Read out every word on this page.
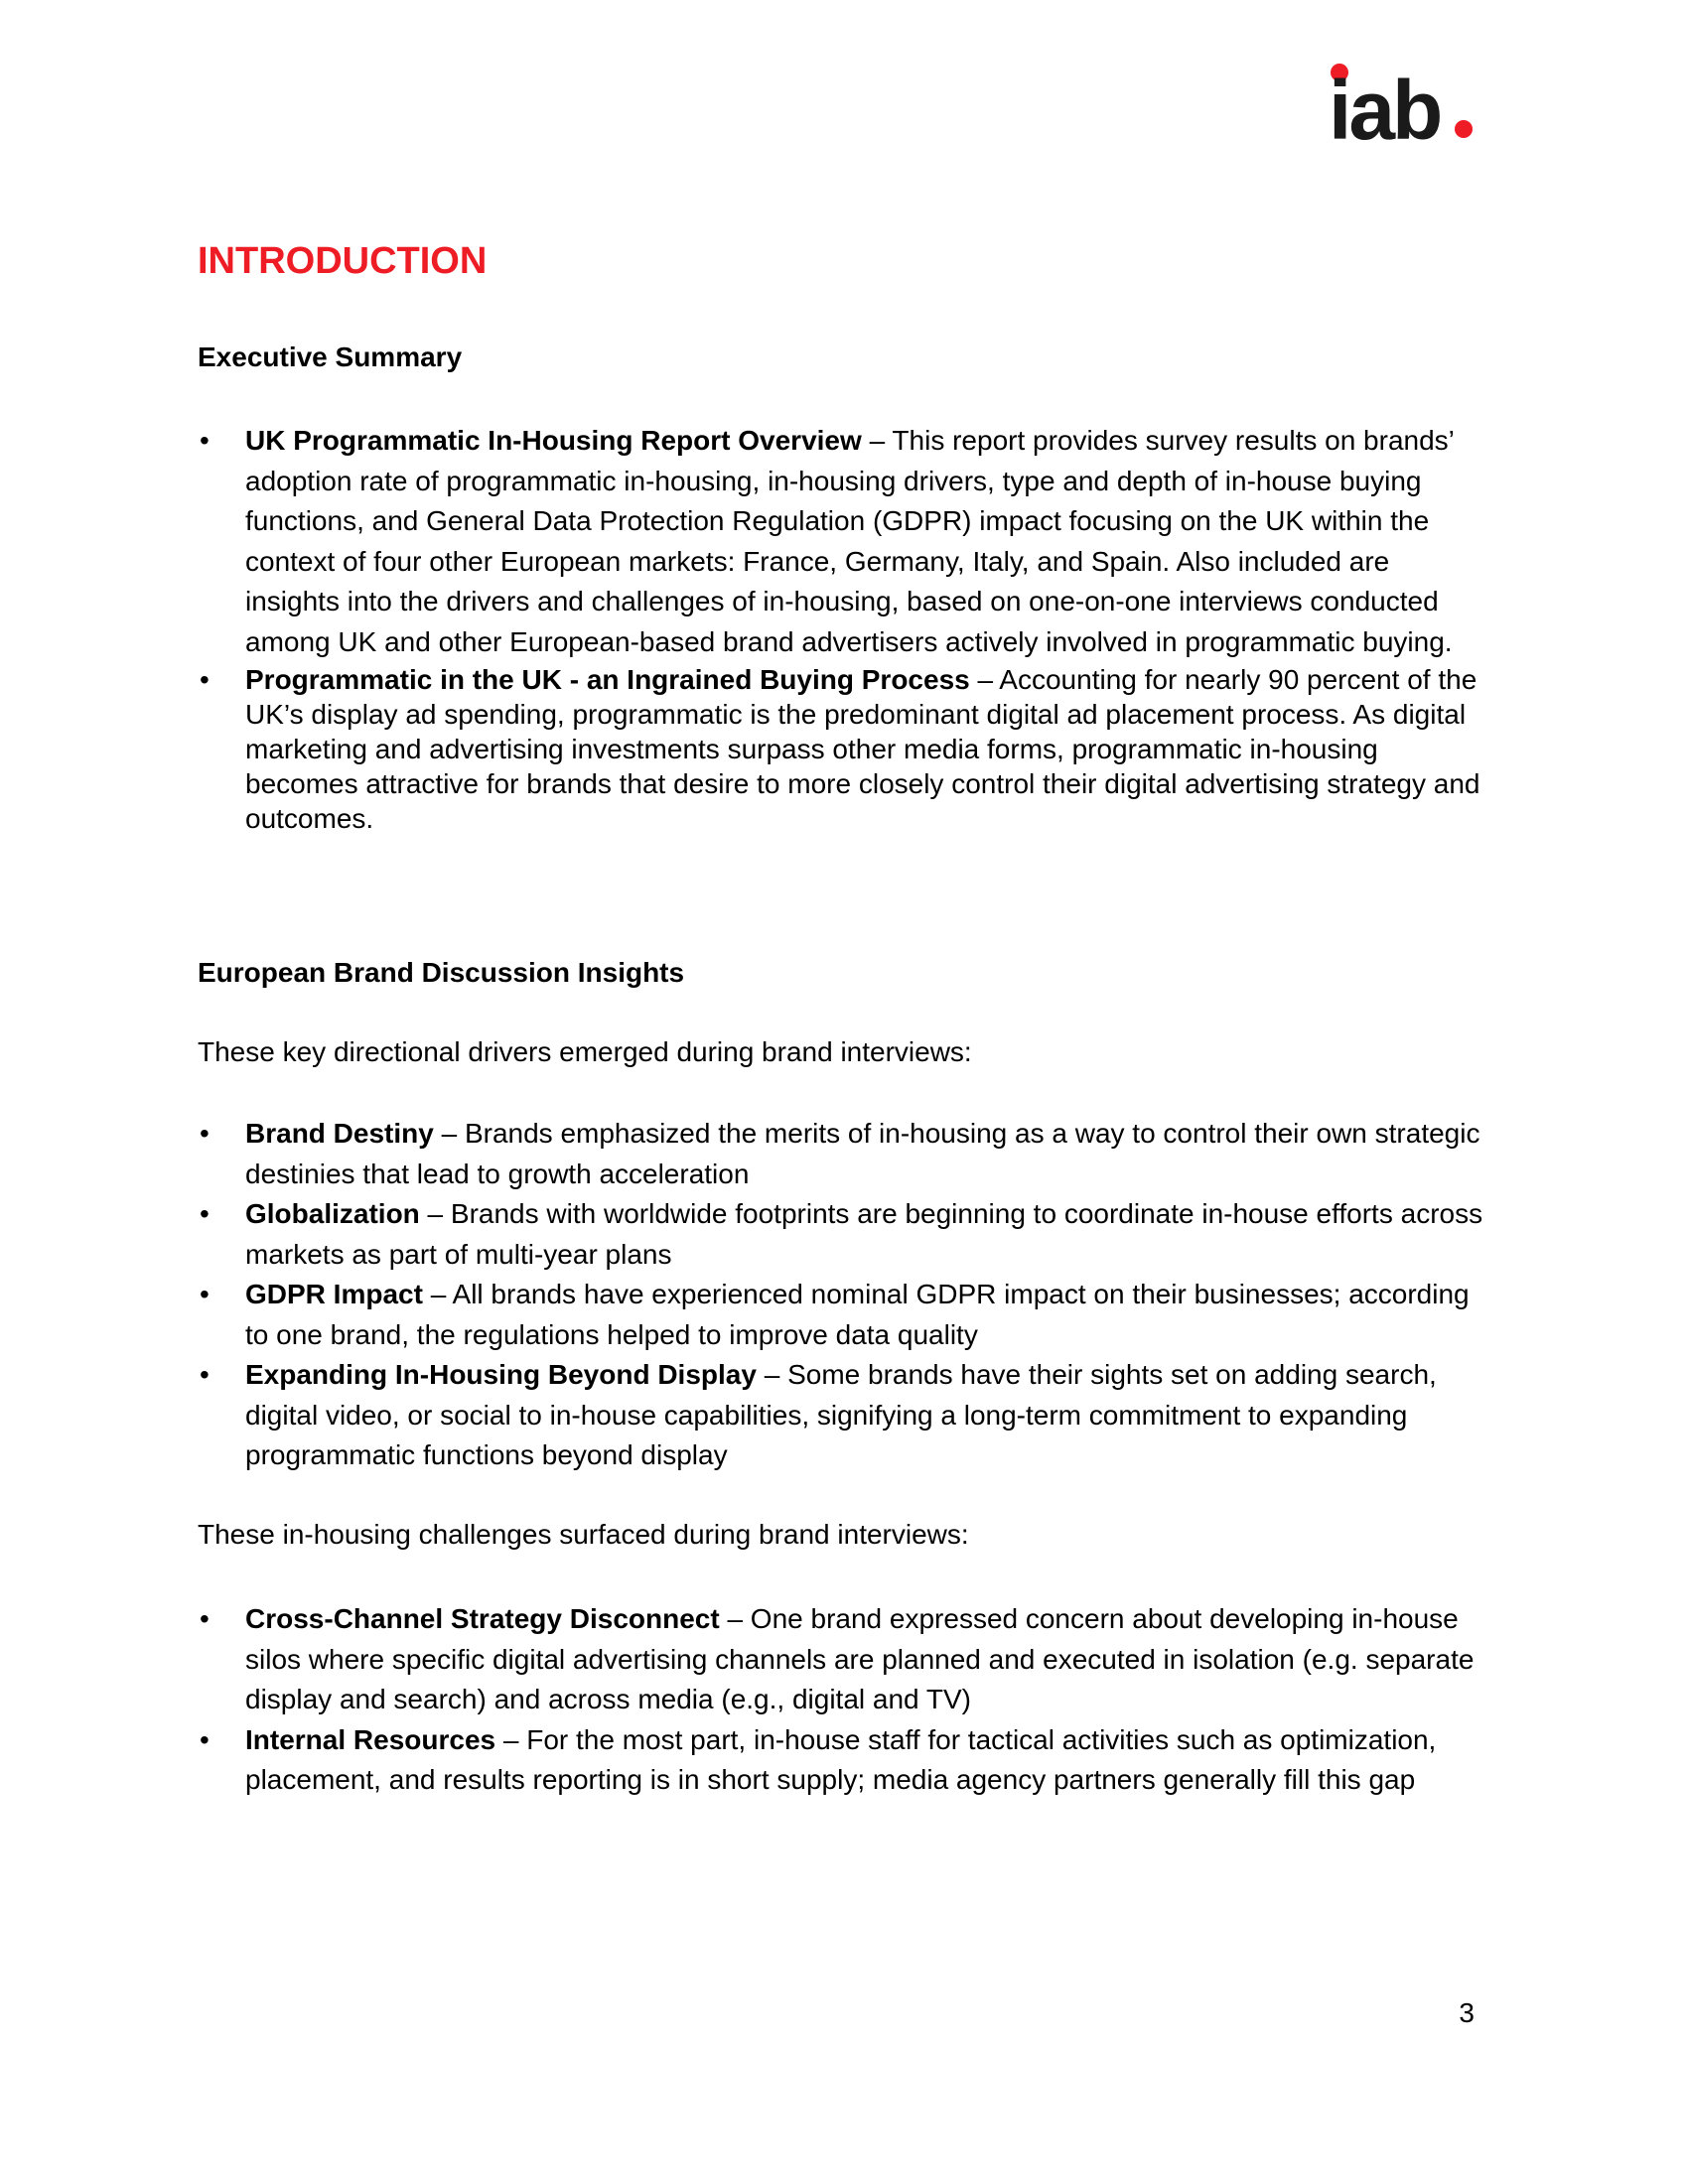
iab
INTRODUCTION
Executive Summary
• UK Programmatic In-Housing Report Overview – This report provides survey results on brands’ adoption rate of programmatic in-housing, in-housing drivers, type and depth of in-house buying functions, and General Data Protection Regulation (GDPR) impact focusing on the UK within the context of four other European markets: France, Germany, Italy, and Spain. Also included are insights into the drivers and challenges of in-housing, based on one-on-one interviews conducted among UK and other European-based brand advertisers actively involved in programmatic buying.
• Programmatic in the UK - an Ingrained Buying Process – Accounting for nearly 90 percent of the UK’s display ad spending, programmatic is the predominant digital ad placement process. As digital marketing and advertising investments surpass other media forms, programmatic in-housing becomes attractive for brands that desire to more closely control their digital advertising strategy and outcomes.
European Brand Discussion Insights
These key directional drivers emerged during brand interviews:
• Brand Destiny – Brands emphasized the merits of in-housing as a way to control their own strategic destinies that lead to growth acceleration
• Globalization – Brands with worldwide footprints are beginning to coordinate in-house efforts across markets as part of multi-year plans
• GDPR Impact – All brands have experienced nominal GDPR impact on their businesses; according to one brand, the regulations helped to improve data quality
• Expanding In-Housing Beyond Display – Some brands have their sights set on adding search, digital video, or social to in-house capabilities, signifying a long-term commitment to expanding programmatic functions beyond display
These in-housing challenges surfaced during brand interviews:
• Cross-Channel Strategy Disconnect – One brand expressed concern about developing in-house silos where specific digital advertising channels are planned and executed in isolation (e.g. separate display and search) and across media (e.g., digital and TV)
• Internal Resources – For the most part, in-house staff for tactical activities such as optimization, placement, and results reporting is in short supply; media agency partners generally fill this gap
3
